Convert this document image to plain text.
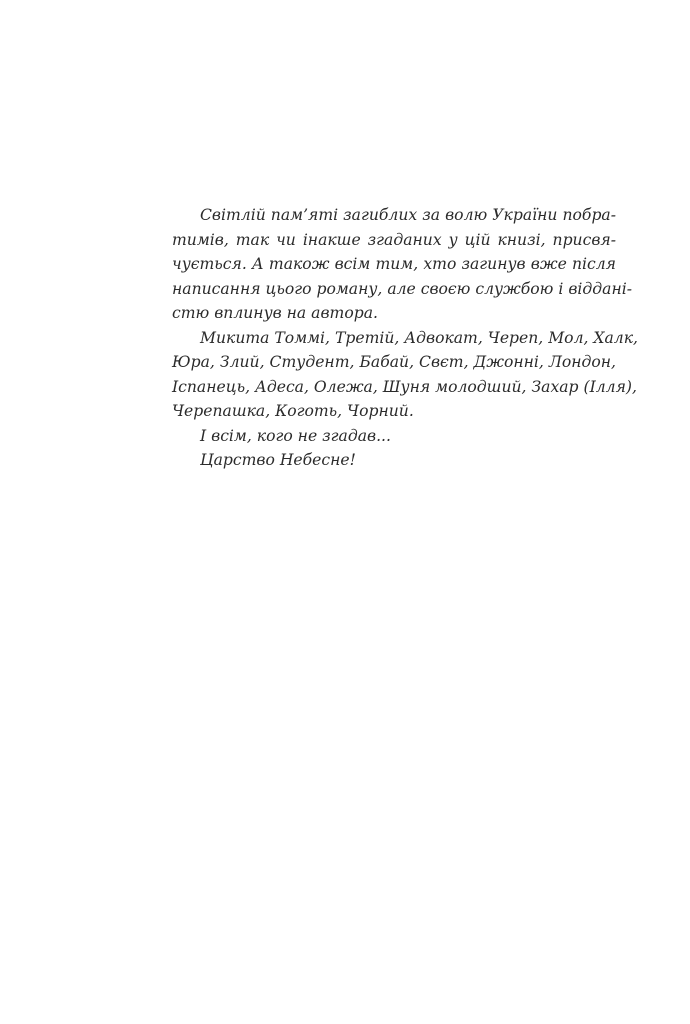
Світлій пам’яті загиблих за волю України побра-
тимів, так чи інакше згаданих у цій книзі, присвя-
чується. А також всім тим, хто загинув вже після
написання цього роману, але своєю службою і віддані-
стю вплинув на автора.
Микита Томмі, Третій, Адвокат, Череп, Мол, Халк,
Юра, Злий, Студент, Бабай, Свєт, Джонні, Лондон,
Іспанець, Адеса, Олежа, Шуня молодший, Захар (Ілля),
Черепашка, Коготь, Чорний.
І всім, кого не згадав...
Царство Небесне!
